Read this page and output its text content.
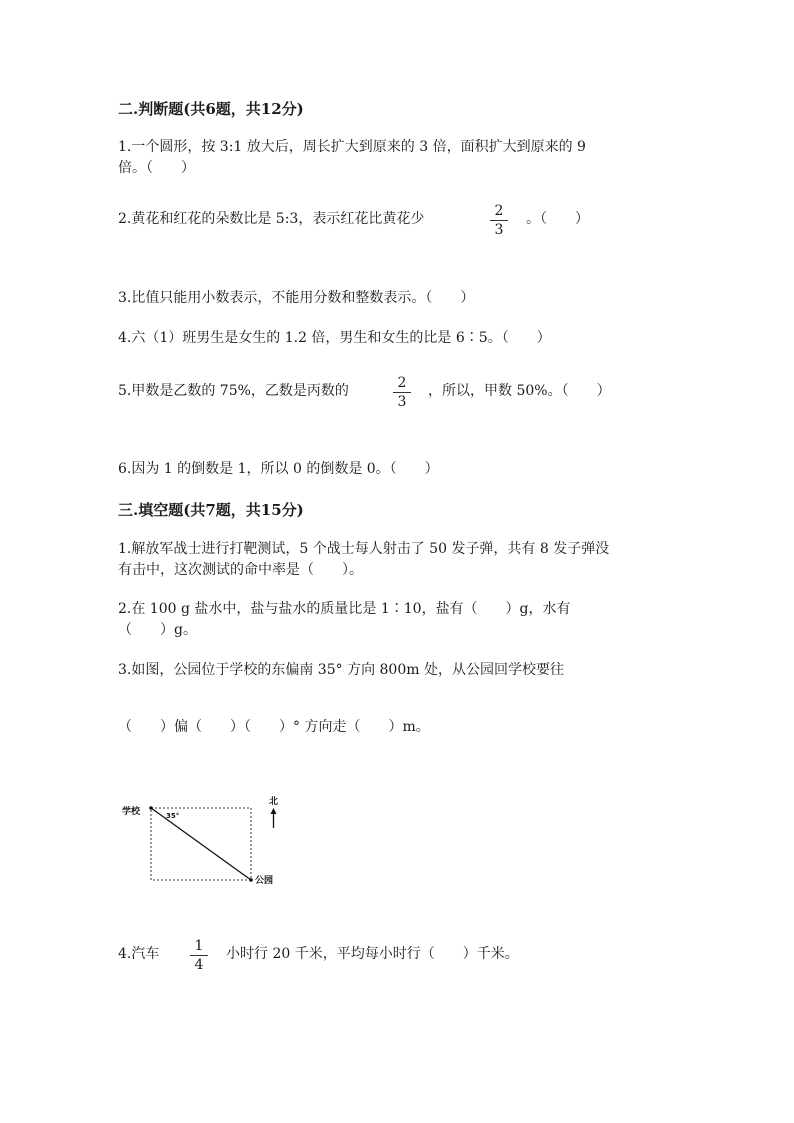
二.判断题(共6题，共12分)
1.一个圆形，按 3:1 放大后，周长扩大到原来的 3 倍，面积扩大到原来的 9
倍。（　　）
2.黄花和红花的朵数比是 5:3，表示红花比黄花少	2
3
。（　　）
3.比值只能用小数表示，不能用分数和整数表示。（　　）
4.六（1）班男生是女生的 1.2 倍，男生和女生的比是 6∶5。（　　）
5.甲数是乙数的 75%，乙数是丙数的	2
3
，所以，甲数 50%。（　　）
6.因为 1 的倒数是 1，所以 0 的倒数是 0。（　　）
三.填空题(共7题，共15分)
1.解放军战士进行打靶测试，5 个战士每人射击了 50 发子弹，共有 8 发子弹没
有击中，这次测试的命中率是（　　）。
2.在 100 g 盐水中，盐与盐水的质量比是 1∶10，盐有（　　）g，水有
（　　）g。
3.如图，公园位于学校的东偏南 35° 方向 800m 处，从公园回学校要往
（　　）偏（　　）（　　）° 方向走（　　）m。
学校
公园
35°
北
4.汽车	1
4
小时行 20 千米，平均每小时行（　　）千米。
